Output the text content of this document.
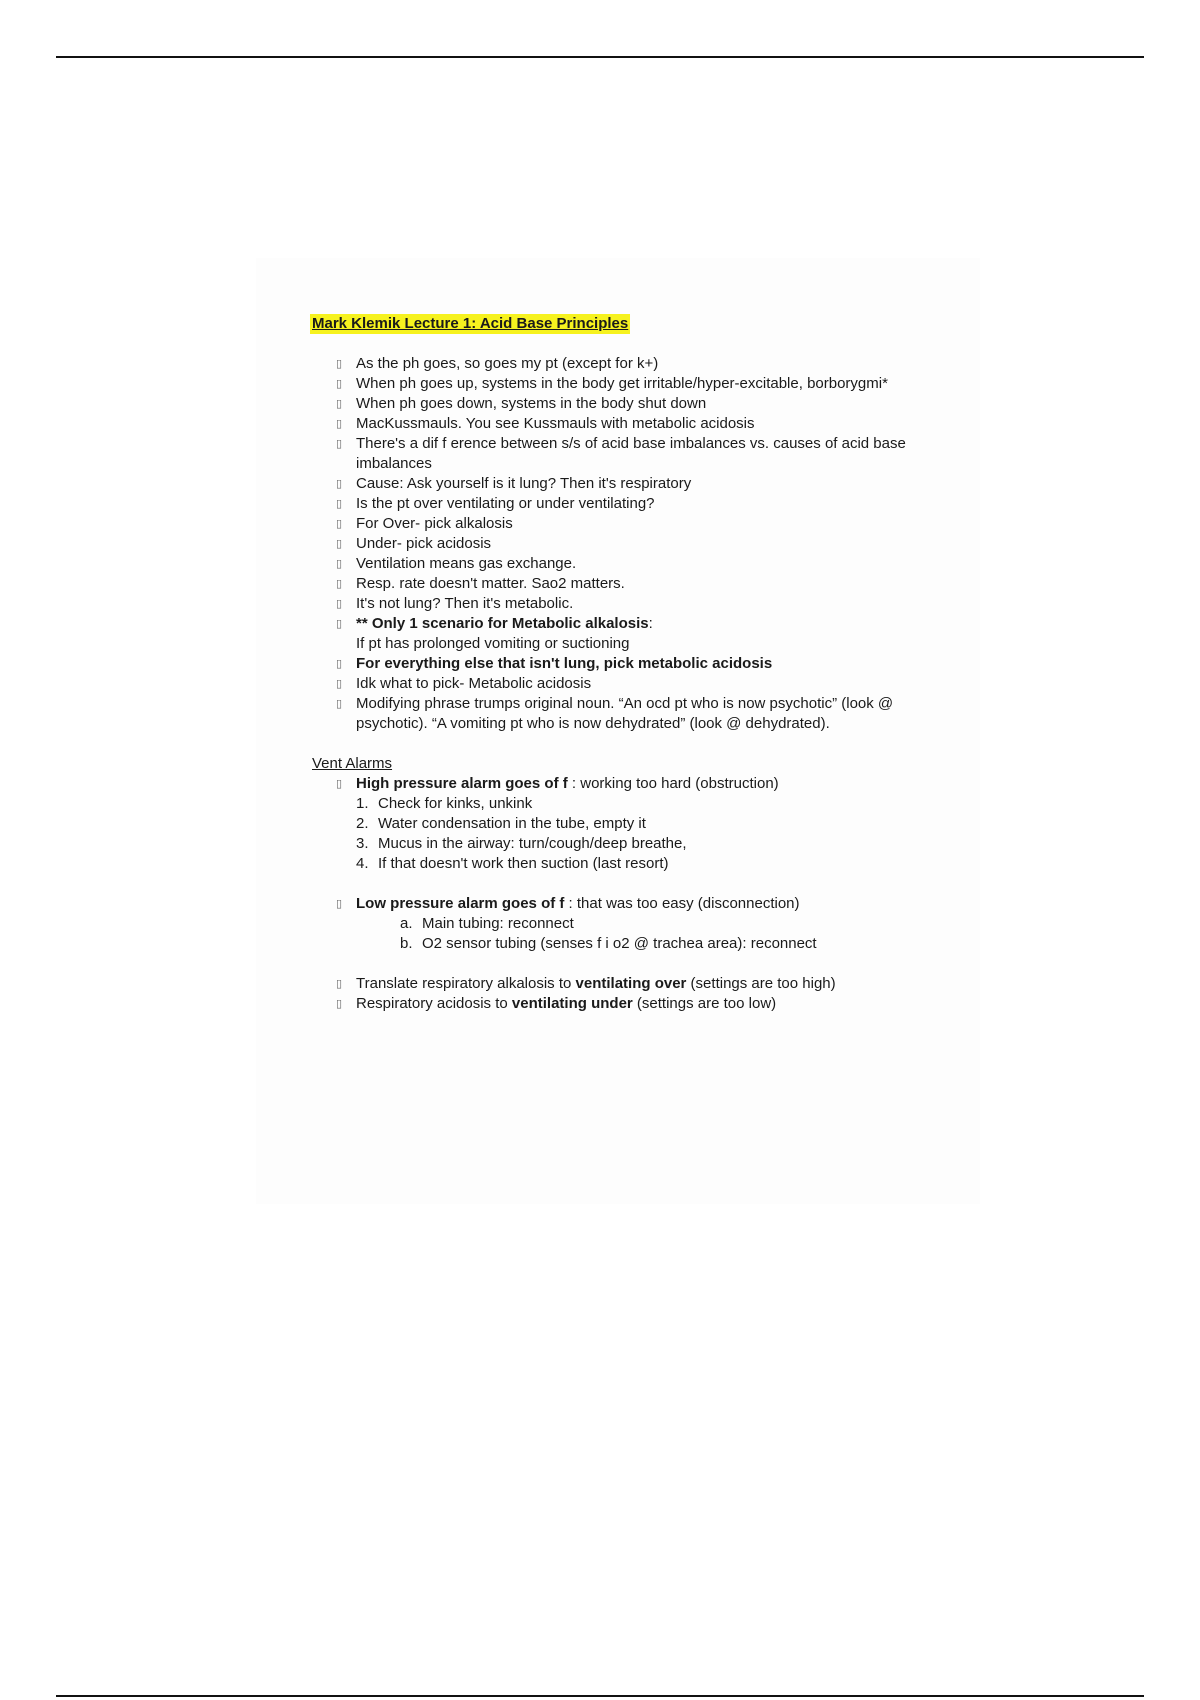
Mark Klemik Lecture 1: Acid Base Principles
▯ As the ph goes, so goes my pt (except for k+)
▯ When ph goes up, systems in the body get irritable/hyper-excitable, borborygmi*
▯ When ph goes down, systems in the body shut down
▯ MacKussmauls. You see Kussmauls with metabolic acidosis
▯ There's a dif f erence between s/s of acid base imbalances vs. causes of acid base imbalances
▯ Cause: Ask yourself is it lung? Then it's respiratory
▯ Is the pt over ventilating or under ventilating?
▯ For Over- pick alkalosis
▯ Under- pick acidosis
▯ Ventilation means gas exchange.
▯ Resp. rate doesn't matter. Sao2 matters.
▯ It's not lung? Then it's metabolic.
▯ ** Only 1 scenario for Metabolic alkalosis:
If pt has prolonged vomiting or suctioning
▯ For everything else that isn't lung, pick metabolic acidosis
▯ Idk what to pick- Metabolic acidosis
▯ Modifying phrase trumps original noun. “An ocd pt who is now psychotic” (look @ psychotic). “A vomiting pt who is now dehydrated” (look @ dehydrated).
Vent Alarms
▯ High pressure alarm goes of f : working too hard (obstruction)
1. Check for kinks, unkink
2. Water condensation in the tube, empty it
3. Mucus in the airway: turn/cough/deep breathe,
4. If that doesn't work then suction (last resort)
▯ Low pressure alarm goes of f : that was too easy (disconnection)
a. Main tubing: reconnect
b. O2 sensor tubing (senses f i o2 @ trachea area): reconnect
▯ Translate respiratory alkalosis to ventilating over (settings are too high)
▯ Respiratory acidosis to ventilating under (settings are too low)
